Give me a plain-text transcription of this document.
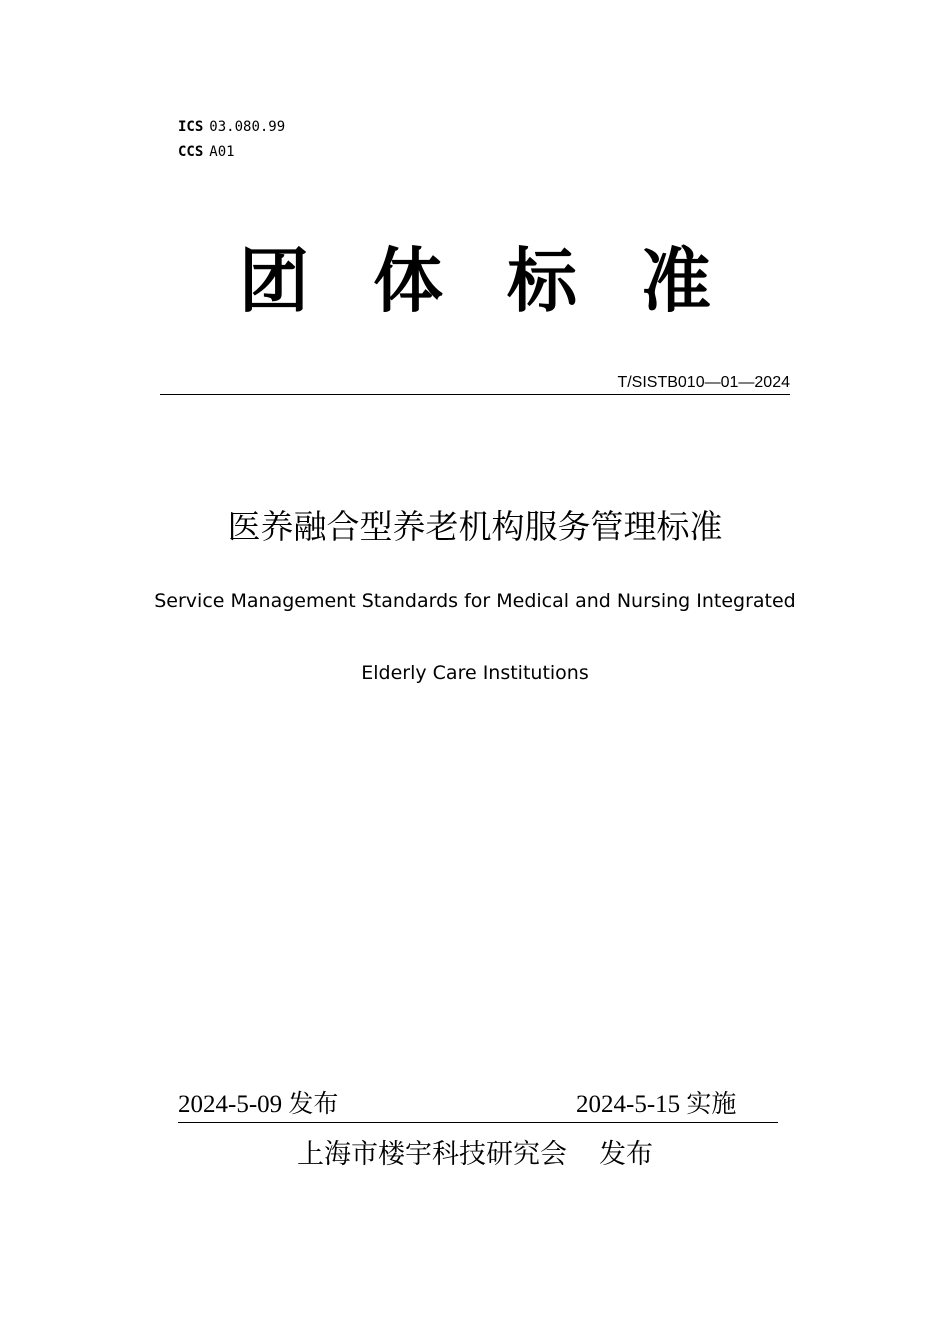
ICS 03.080.99
CCS A01
团 体 标 准
T/SISTB010—01—2024
医养融合型养老机构服务管理标准
Service Management Standards for Medical and Nursing Integrated
Elderly Care Institutions
2024-5-09 发布	2024-5-15 实施
上海市楼宇科技研究会 发布
